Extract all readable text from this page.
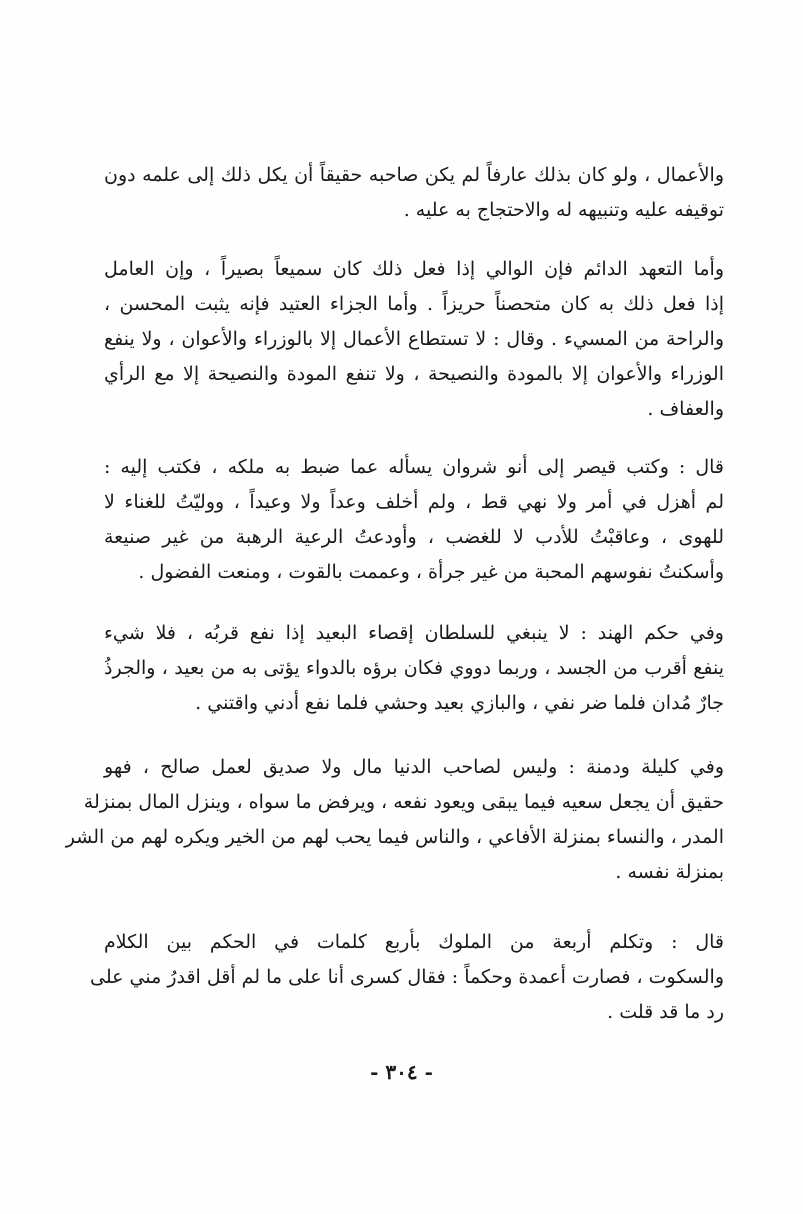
والأعمال ، ولو كان بذلك عارفاً لم يكن صاحبه حقيقاً أن يكل ذلك إلى علمه دون
توقيفه عليه وتنبيهه له والاحتجاج به عليه .
وأما التعهد الدائم فإن الوالي إذا فعل ذلك كان سميعاً بصيراً ، وإن العامل
إذا فعل ذلك به كان متحصناً حريزاً . وأما الجزاء العتيد فإنه يثبت المحسن ،
والراحة من المسيء . وقال : لا تستطاع الأعمال إلا بالوزراء والأعوان ، ولا ينفع
الوزراء والأعوان إلا بالمودة والنصيحة ، ولا تنفع المودة والنصيحة إلا مع الرأي
والعفاف .
قال : وكتب قيصر إلى أنو شروان يسأله عما ضبط به ملكه ، فكتب إليه :
لم أهزل في أمر ولا نهي قط ، ولم أخلف وعداً ولا وعيداً ، ووليّتُ للغناء لا
للهوى ، وعاقبْتُ للأدب لا للغضب ، وأودعتُ الرعية الرهبة من غير صنيعة
وأسكنتُ نفوسهم المحبة من غير جرأة ، وعممت بالقوت ، ومنعت الفضول .
وفي حكم الهند : لا ينبغي للسلطان إقصاء البعيد إذا نفع قربُه ، فلا شيء
ينفع أقرب من الجسد ، وربما دووي فكان برؤه بالدواء يؤتى به من بعيد ، والجرذُ
جارٌ مُدان فلما ضر نفي ، والبازي بعيد وحشي فلما نفع أدني واقتني .
وفي كليلة ودمنة : وليس لصاحب الدنيا مال ولا صديق لعمل صالح ، فهو
حقيق أن يجعل سعيه فيما يبقى ويعود نفعه ، ويرفض ما سواه ، وينزل المال بمنزلة
المدر ، والنساء بمنزلة الأفاعي ، والناس فيما يحب لهم من الخير ويكره لهم من الشر
بمنزلة نفسه .
قال : وتكلم أربعة من الملوك بأربع كلمات في الحكم بين الكلام
والسكوت ، فصارت أعمدة وحكماً : فقال كسرى أنا على ما لم أقل اقدرُ مني على
رد ما قد قلت .
- ٣٠٤ -
